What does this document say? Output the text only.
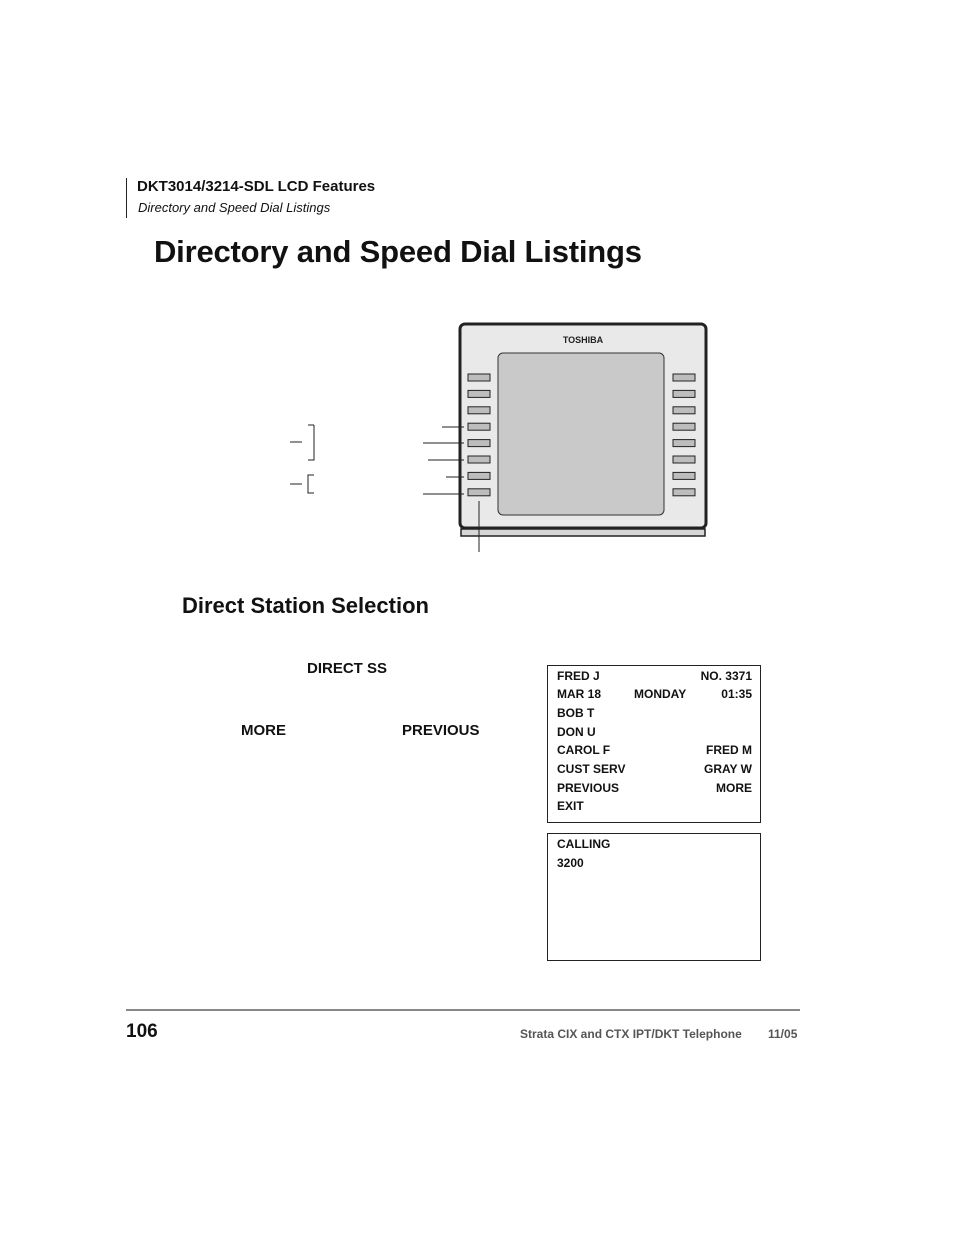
DKT3014/3214-SDL LCD Features
Directory and Speed Dial Listings
Directory and Speed Dial Listings
TOSHIBA
Direct Station Selection
DIRECT SS
MORE	PREVIOUS
FRED J	NO. 3371
MAR 18	MONDAY	01:35
BOB T
DON U
CAROL F	FRED M
CUST SERV	GRAY W
PREVIOUS	MORE
EXIT
CALLING
3200
106	Strata CIX and CTX IPT/DKT Telephone 11/05
